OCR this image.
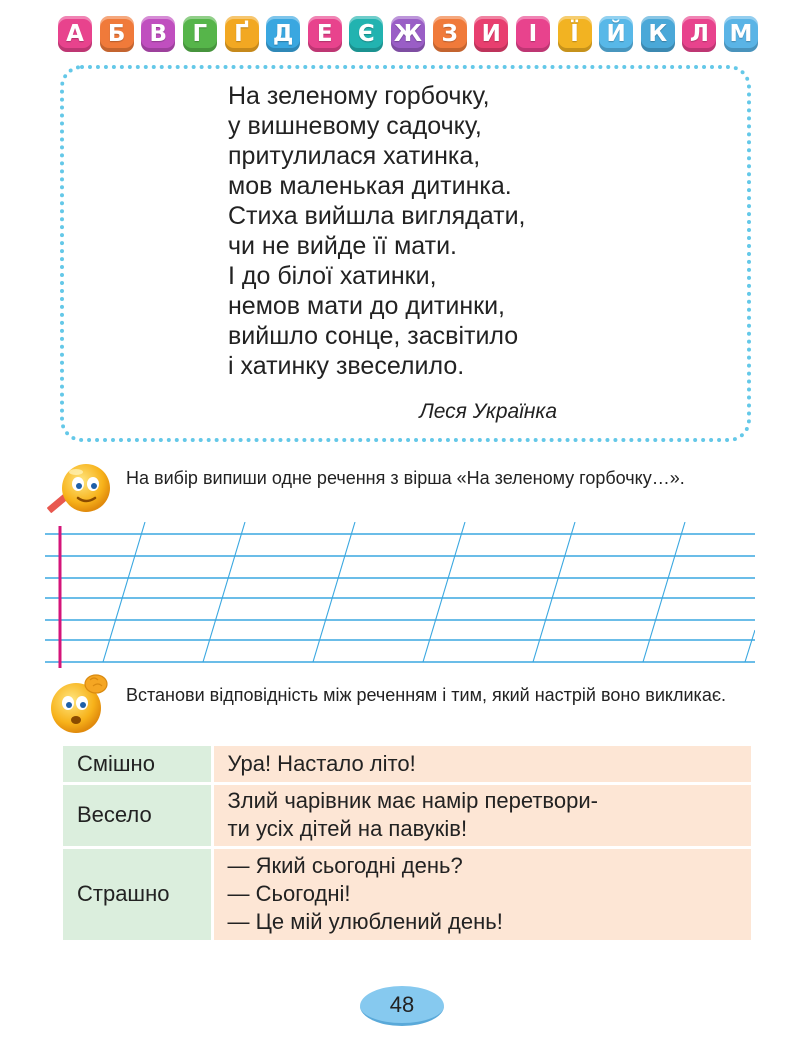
А	Б	В	Г	Ґ	Д	Е	Є Ж З	И	І	Ї	Й К Л М
На зеленому горбочку,
у вишневому садочку,
притулилася хатинка,
мов маленькая дитинка.
Стиха вийшла виглядати,
чи не вийде її мати.
І до білої хатинки,
немов мати до дитинки,
вийшло сонце, засвітило
і хатинку звеселило.
Леся Українка
На вибір випиши одне речення з вірша «На зеленому горбочку…».
Встанови відповідність між реченням і тим, який настрій воно викликає.
Смішно	Ура! Настало літо!

Весело	Злий чарівник має намір перетвори-
ти усіх дітей на павуків!

Страшно	— Який сьогодні день?
— Сьогодні!
— Це мій улюблений день!
48
